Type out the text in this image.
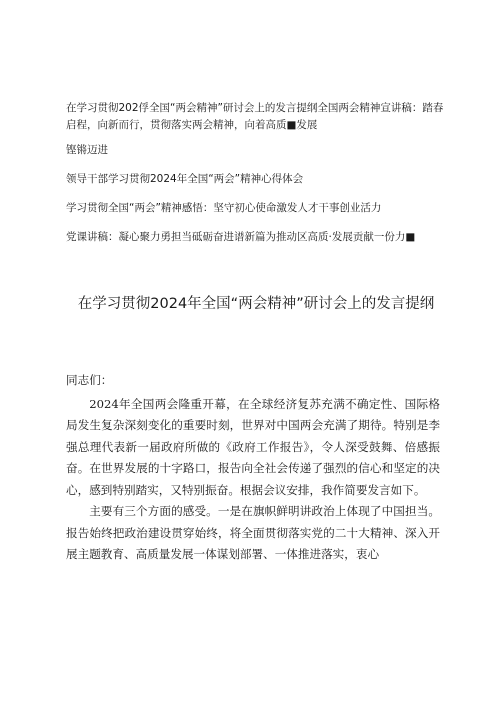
在学习贯彻202俘全国“两会精神”研讨会上的发言提纲全国两会精神宣讲稿：踏春启程，向新而行，贯彻落实两会精神，向着高质■发展
铿锵迈进
领导干部学习贯彻2024年全国“两会”精神心得体会
学习贯彻全国“两会”精神感悟：坚守初心使命激发人才干事创业活力
党课讲稿：凝心聚力勇担当砥砺奋进谱新篇为推动区高质·发展贡献一份力■
在学习贯彻2024年全国“两会精神”研讨会上的发言提纲

同志们：

2024年全国两会隆重开幕，在全球经济复苏充满不确定性、国际格局发生复杂深刻变化的重要时刻，世界对中国两会充满了期待。特别是李强总理代表新一届政府所做的《政府工作报告》，令人深受鼓舞、倍感振奋。在世界发展的十字路口，报告向全社会传递了强烈的信心和坚定的决心，感到特别踏实，又特别振奋。根据会议安排，我作简要发言如下。

主要有三个方面的感受。一是在旗帜鲜明讲政治上体现了中国担当。报告始终把政治建设贯穿始终，将全面贯彻落实党的二十大精神、深入开展主题教育、高质量发展一体谋划部署、一体推进落实，衷心
